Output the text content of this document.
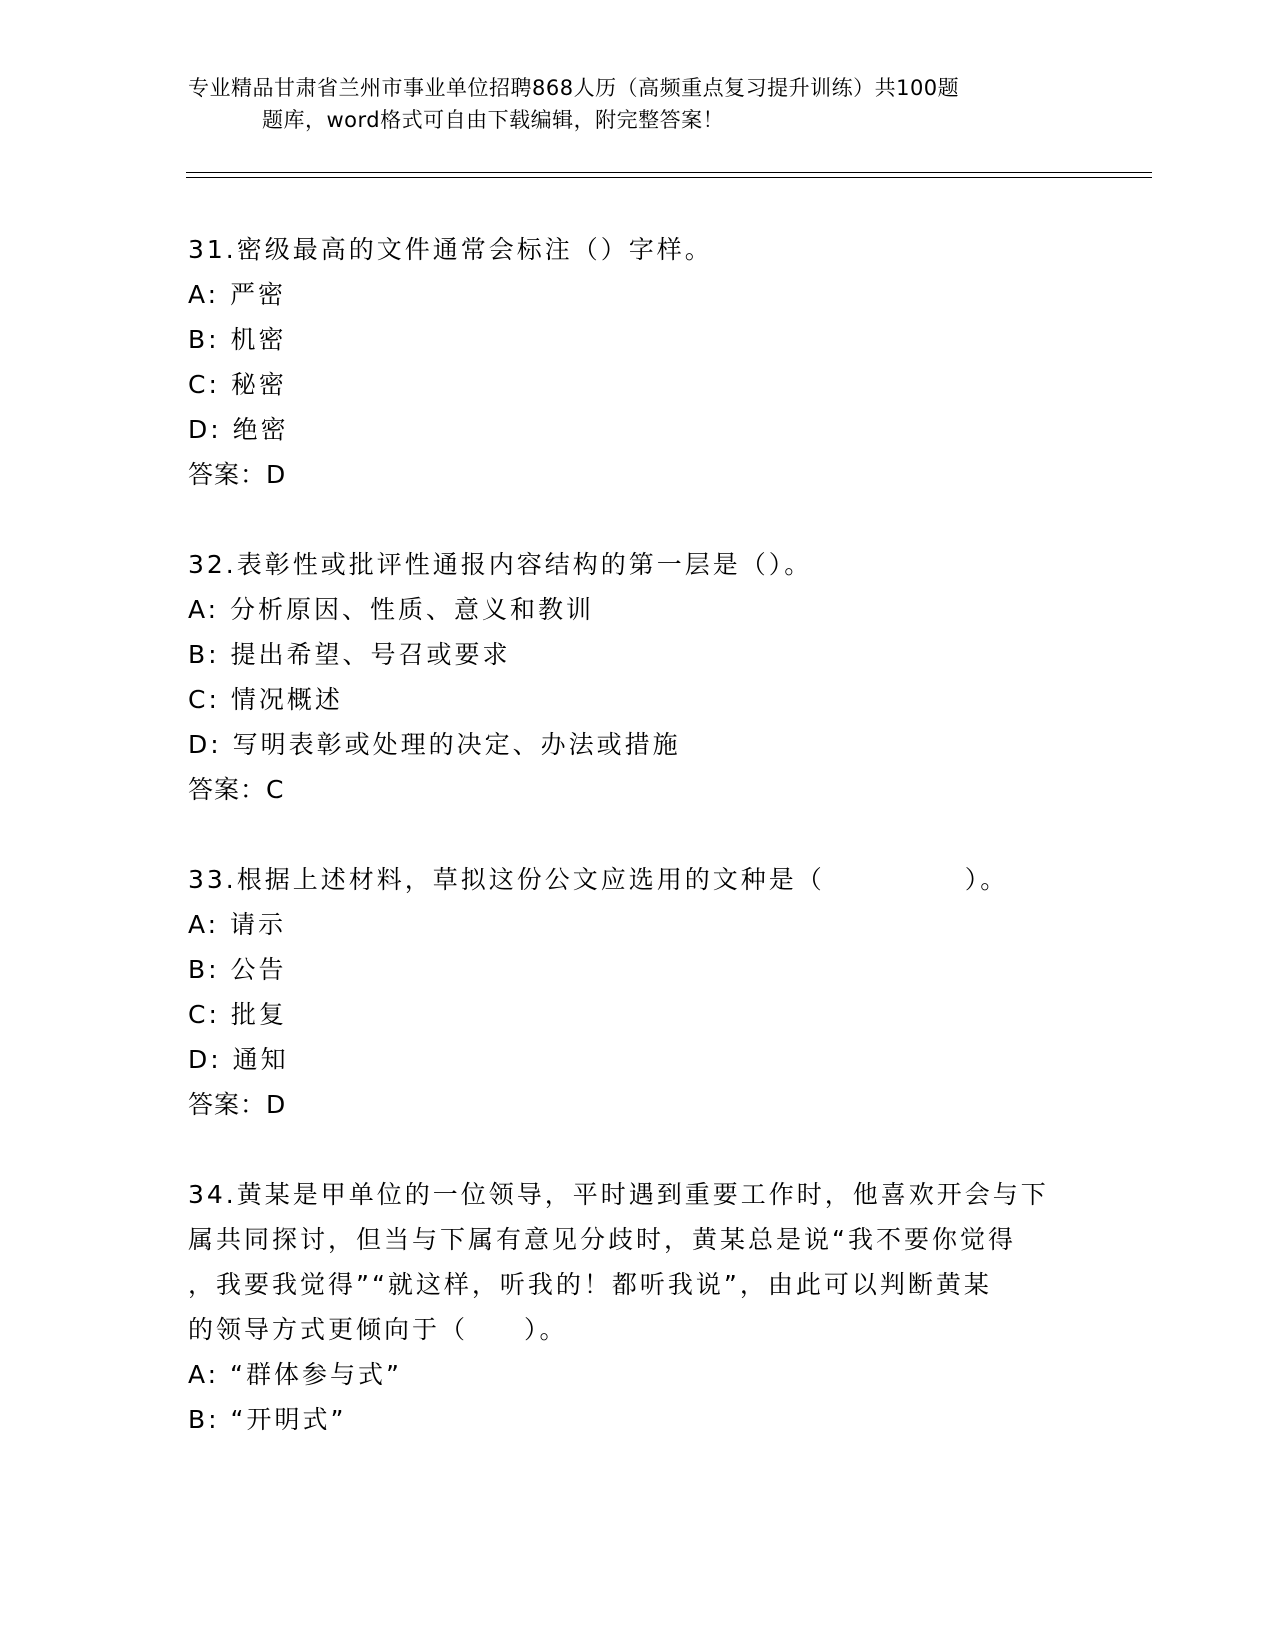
专业精品甘肃省兰州市事业单位招聘868人历（高频重点复习提升训练）共100题
题库，word格式可自由下载编辑，附完整答案！
31.密级最高的文件通常会标注（）字样。
A: 严密
B: 机密
C: 秘密
D: 绝密
答案：D
32.表彰性或批评性通报内容结构的第一层是（）。
A: 分析原因、性质、意义和教训
B: 提出希望、号召或要求
C: 情况概述
D: 写明表彰或处理的决定、办法或措施
答案：C
33.根据上述材料，草拟这份公文应选用的文种是（　　　　　）。
A: 请示
B: 公告
C: 批复
D: 通知
答案：D
34.黄某是甲单位的一位领导，平时遇到重要工作时，他喜欢开会与下
属共同探讨，但当与下属有意见分歧时，黄某总是说“我不要你觉得
，我要我觉得”“就这样，听我的！都听我说”，由此可以判断黄某
的领导方式更倾向于（　　）。
A: “群体参与式”
B: “开明式”
